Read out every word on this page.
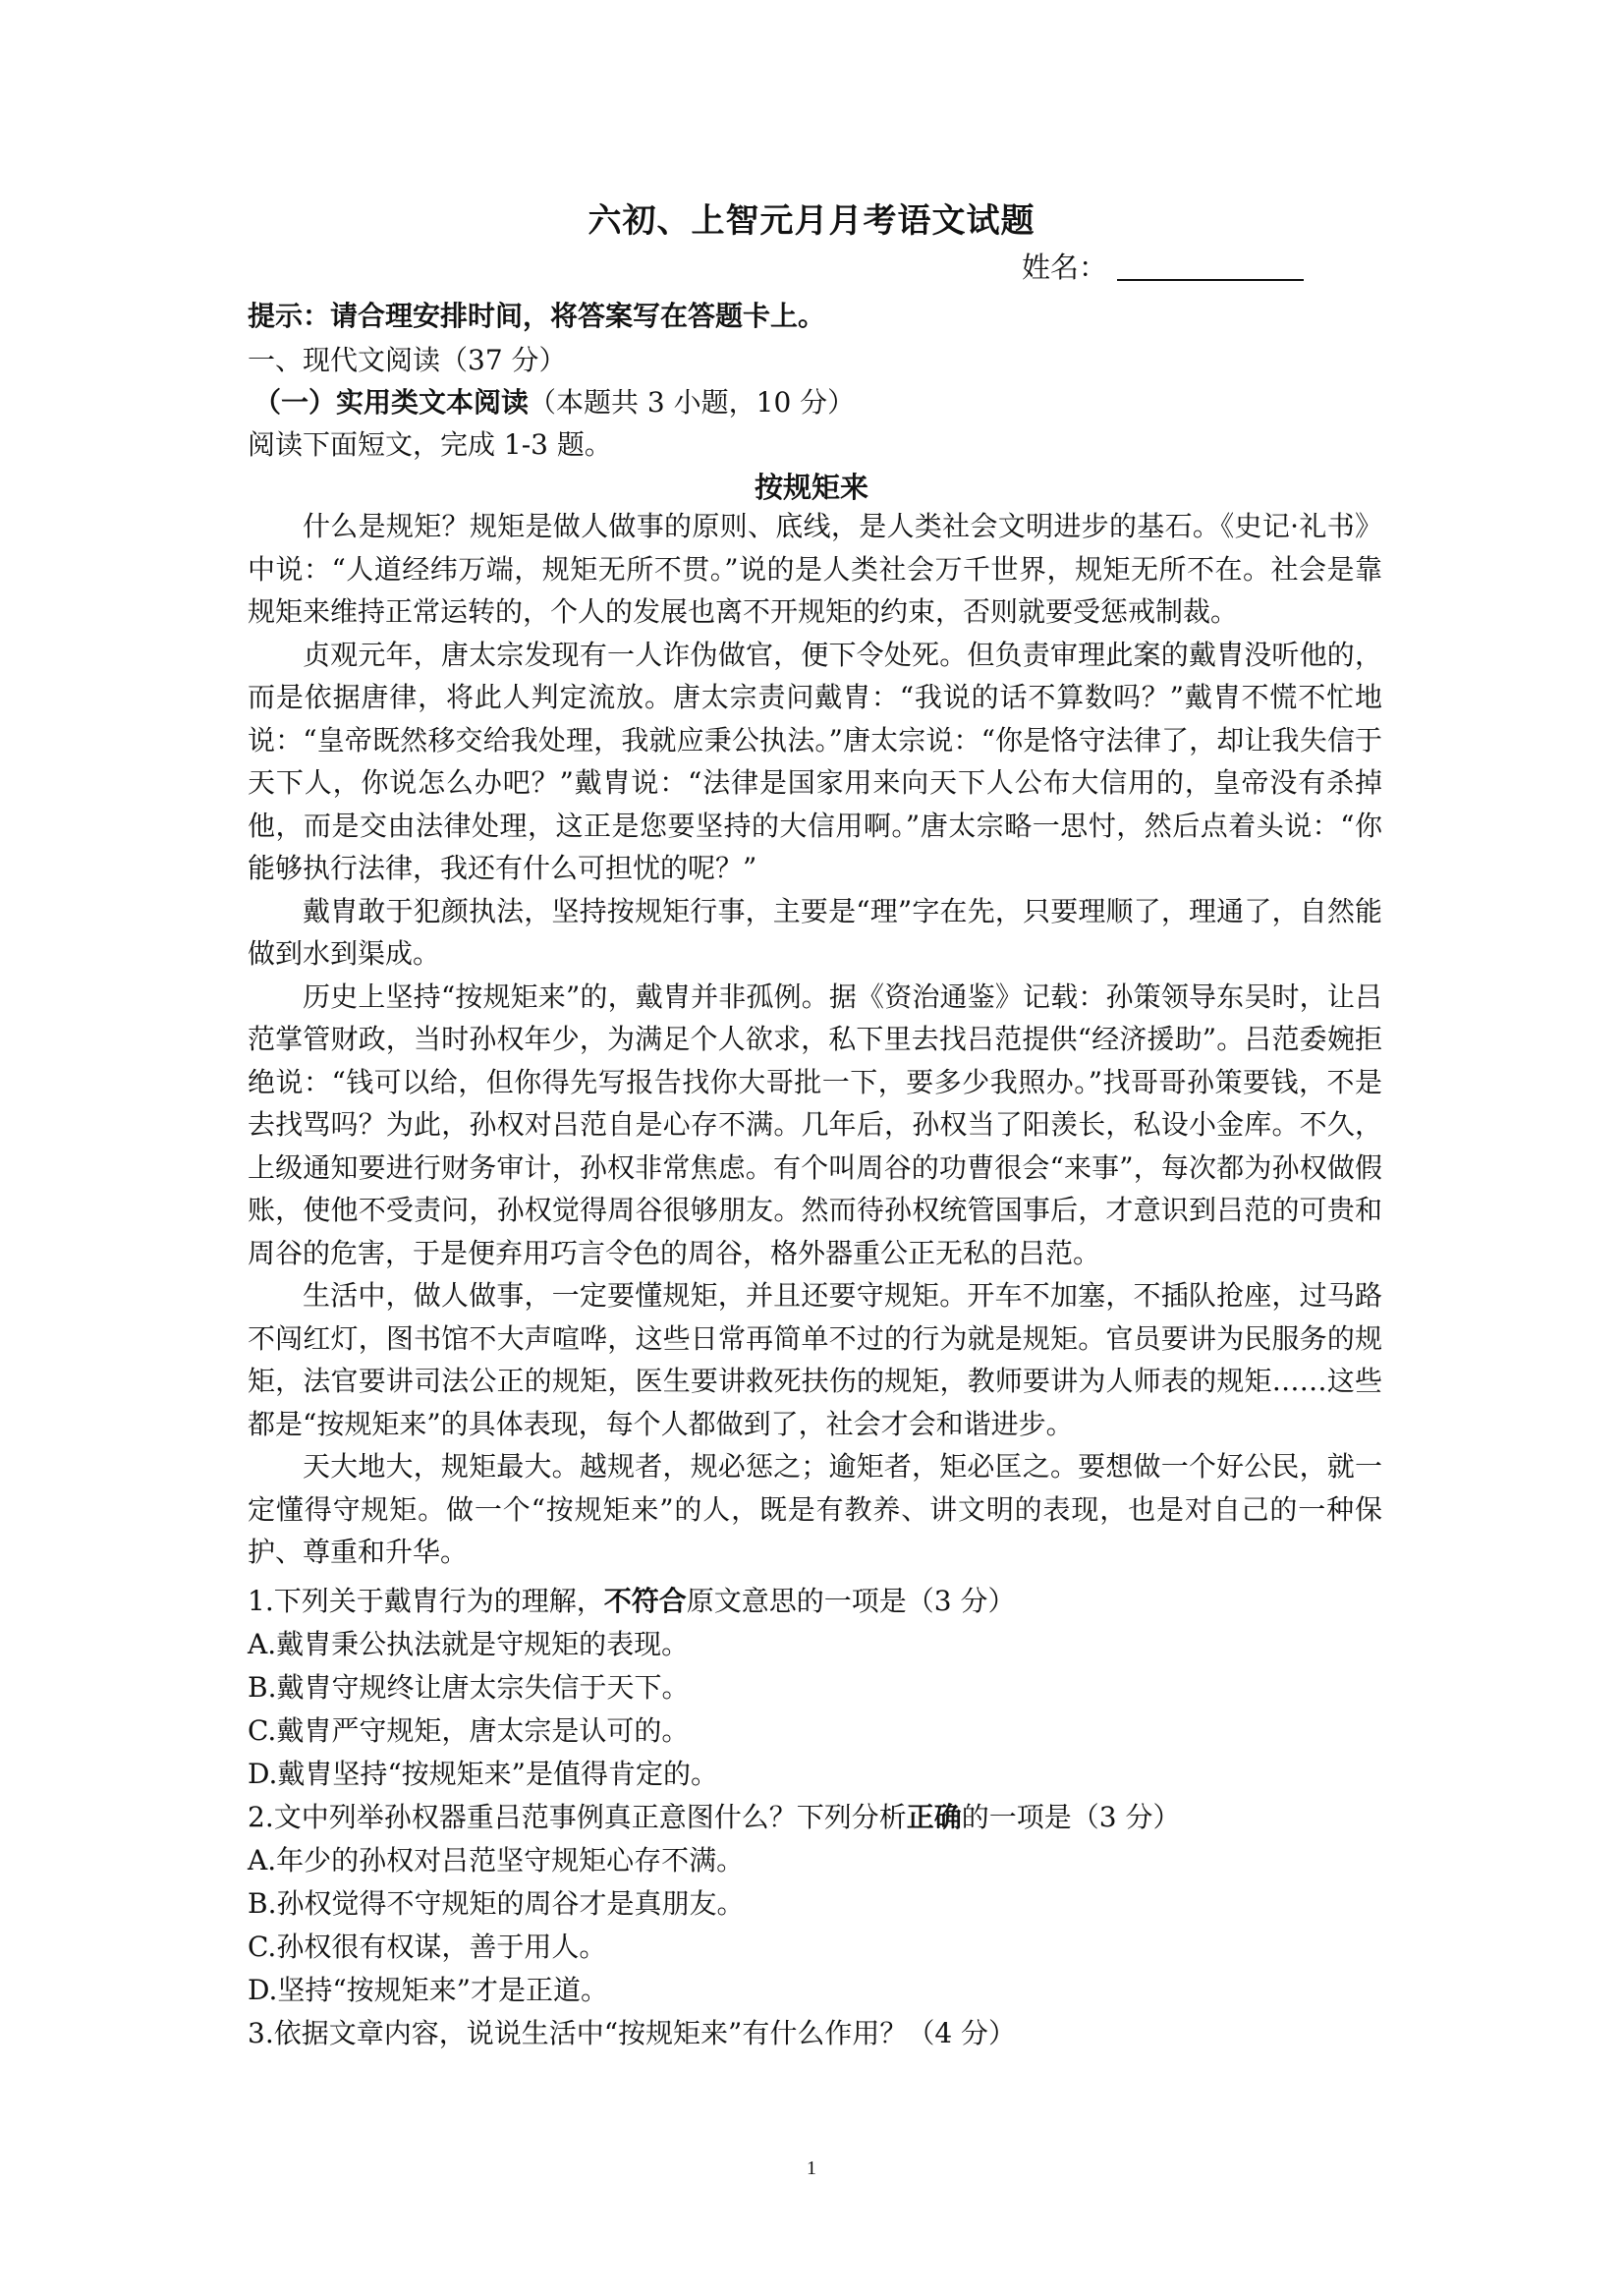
六初、上智元月月考语文试题
姓名：
提示：请合理安排时间，将答案写在答题卡上。
一、现代文阅读（37 分）
（一）实用类文本阅读（本题共 3 小题，10 分）
阅读下面短文，完成 1-3 题。
按规矩来

什么是规矩？规矩是做人做事的原则、底线，是人类社会文明进步的基石。《史记·礼书》中说：“人道经纬万端，规矩无所不贯。”说的是人类社会万千世界，规矩无所不在。社会是靠规矩来维持正常运转的，个人的发展也离不开规矩的约束，否则就要受惩戒制裁。

贞观元年，唐太宗发现有一人诈伪做官，便下令处死。但负责审理此案的戴胄没听他的，而是依据唐律，将此人判定流放。唐太宗责问戴胄：“我说的话不算数吗？”戴胄不慌不忙地说：“皇帝既然移交给我处理，我就应秉公执法。”唐太宗说：“你是恪守法律了，却让我失信于天下人，你说怎么办吧？”戴胄说：“法律是国家用来向天下人公布大信用的，皇帝没有杀掉他，而是交由法律处理，这正是您要坚持的大信用啊。”唐太宗略一思忖，然后点着头说：“你能够执行法律，我还有什么可担忧的呢？”

戴胄敢于犯颜执法，坚持按规矩行事，主要是“理”字在先，只要理顺了，理通了，自然能做到水到渠成。

历史上坚持“按规矩来”的，戴胄并非孤例。据《资治通鉴》记载：孙策领导东吴时，让吕范掌管财政，当时孙权年少，为满足个人欲求，私下里去找吕范提供“经济援助”。吕范委婉拒绝说：“钱可以给，但你得先写报告找你大哥批一下，要多少我照办。”找哥哥孙策要钱，不是去找骂吗？为此，孙权对吕范自是心存不满。几年后，孙权当了阳羡长，私设小金库。不久，上级通知要进行财务审计，孙权非常焦虑。有个叫周谷的功曹很会“来事”，每次都为孙权做假账，使他不受责问，孙权觉得周谷很够朋友。然而待孙权统管国事后，才意识到吕范的可贵和周谷的危害，于是便弃用巧言令色的周谷，格外器重公正无私的吕范。

生活中，做人做事，一定要懂规矩，并且还要守规矩。开车不加塞，不插队抢座，过马路不闯红灯，图书馆不大声喧哗，这些日常再简单不过的行为就是规矩。官员要讲为民服务的规矩，法官要讲司法公正的规矩，医生要讲救死扶伤的规矩，教师要讲为人师表的规矩……这些都是“按规矩来”的具体表现，每个人都做到了，社会才会和谐进步。

天大地大，规矩最大。越规者，规必惩之；逾矩者，矩必匡之。要想做一个好公民，就一定懂得守规矩。做一个“按规矩来”的人，既是有教养、讲文明的表现，也是对自己的一种保护、尊重和升华。

1.下列关于戴胄行为的理解，不符合原文意思的一项是（3 分）
A.戴胄秉公执法就是守规矩的表现。
B.戴胄守规终让唐太宗失信于天下。
C.戴胄严守规矩，唐太宗是认可的。
D.戴胄坚持“按规矩来”是值得肯定的。
2.文中列举孙权器重吕范事例真正意图什么？下列分析正确的一项是（3 分）
A.年少的孙权对吕范坚守规矩心存不满。
B.孙权觉得不守规矩的周谷才是真朋友。
C.孙权很有权谋，善于用人。
D.坚持“按规矩来”才是正道。
3.依据文章内容，说说生活中“按规矩来”有什么作用？（4 分）
1
